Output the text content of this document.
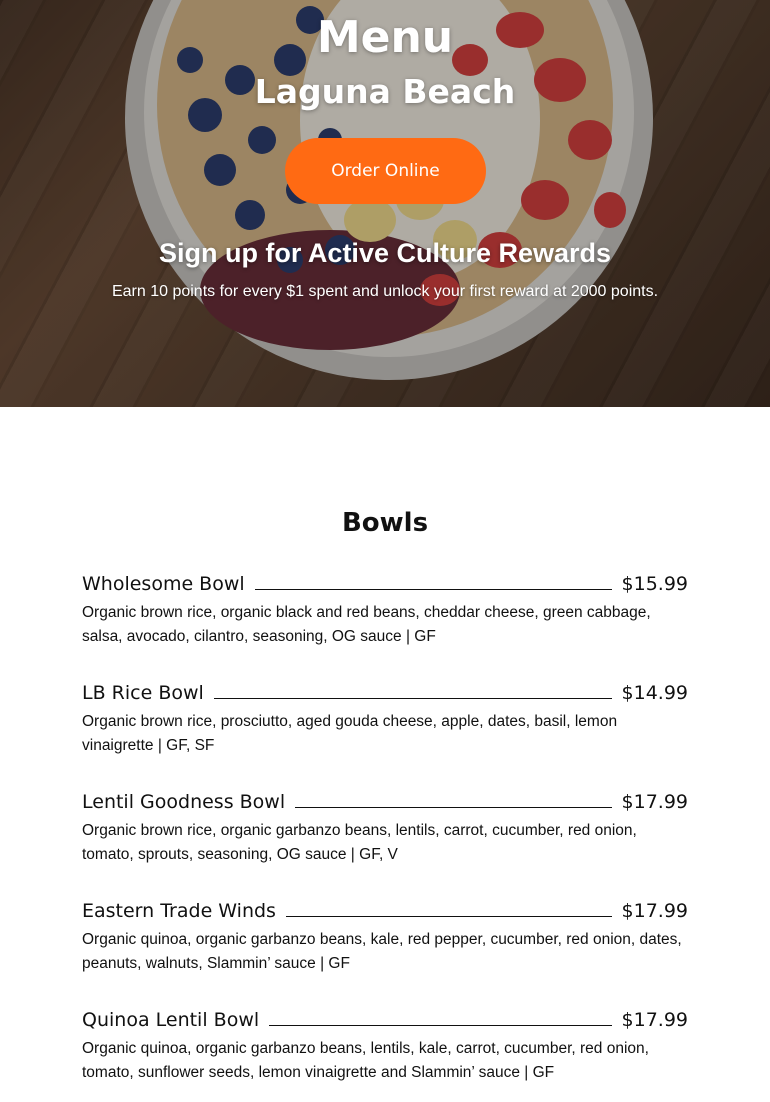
Menu
Laguna Beach
Order Online
Sign up for Active Culture Rewards

Earn 10 points for every $1 spent and unlock your first reward at 2000 points.

Bowls
Wholesome Bowl	$15.99

Organic brown rice, organic black and red beans, cheddar cheese, green cabbage, salsa, avocado, cilantro, seasoning, OG sauce | GF

LB Rice Bowl	$14.99

Organic brown rice, prosciutto, aged gouda cheese, apple, dates, basil, lemon vinaigrette | GF, SF

Lentil Goodness Bowl	$17.99

Organic brown rice, organic garbanzo beans, lentils, carrot, cucumber, red onion, tomato, sprouts, seasoning, OG sauce | GF, V

Eastern Trade Winds	$17.99

Organic quinoa, organic garbanzo beans, kale, red pepper, cucumber, red onion, dates, peanuts, walnuts, Slammin’ sauce | GF

Quinoa Lentil Bowl	$17.99

Organic quinoa, organic garbanzo beans, lentils, kale, carrot, cucumber, red onion, tomato, sunflower seeds, lemon vinaigrette and Slammin’ sauce | GF
